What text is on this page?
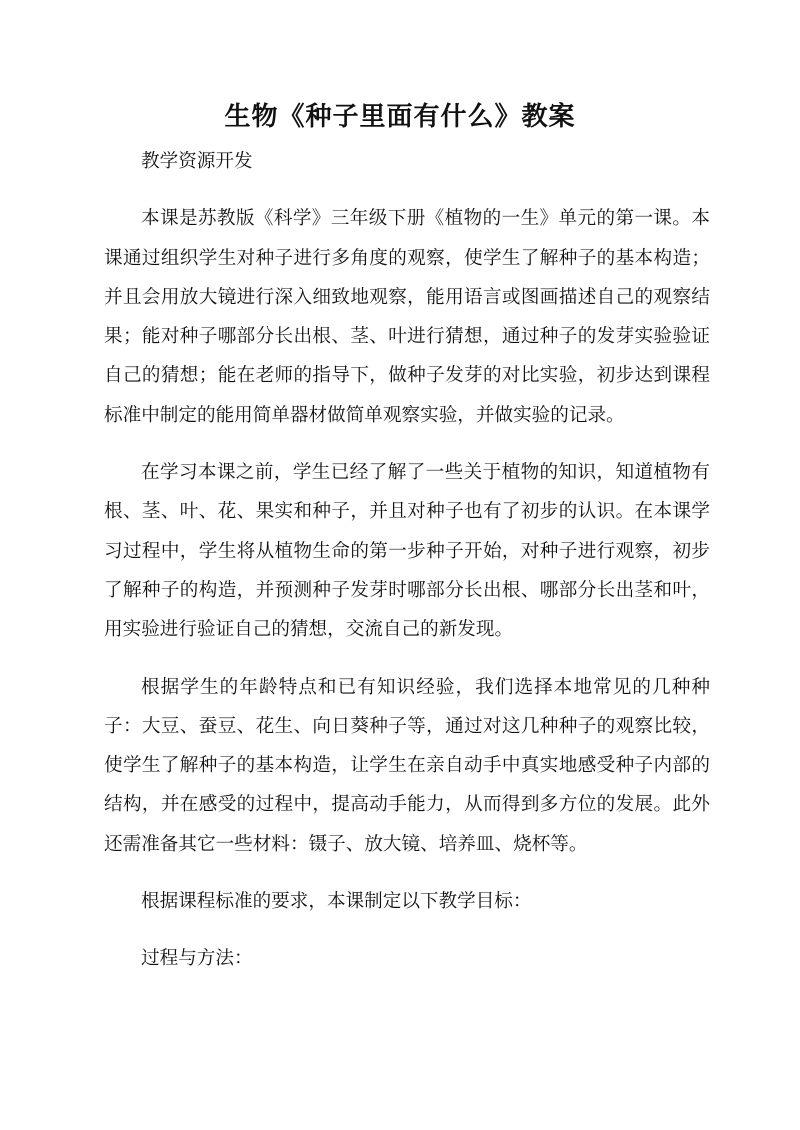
生物《种子里面有什么》教案

教学资源开发

本课是苏教版《科学》三年级下册《植物的一生》单元的第一课。本课通过组织学生对种子进行多角度的观察，使学生了解种子的基本构造；并且会用放大镜进行深入细致地观察，能用语言或图画描述自己的观察结果；能对种子哪部分长出根、茎、叶进行猜想，通过种子的发芽实验验证自己的猜想；能在老师的指导下，做种子发芽的对比实验，初步达到课程标准中制定的能用简单器材做简单观察实验，并做实验的记录。

在学习本课之前，学生已经了解了一些关于植物的知识，知道植物有根、茎、叶、花、果实和种子，并且对种子也有了初步的认识。在本课学习过程中，学生将从植物生命的第一步种子开始，对种子进行观察，初步了解种子的构造，并预测种子发芽时哪部分长出根、哪部分长出茎和叶，用实验进行验证自己的猜想，交流自己的新发现。

根据学生的年龄特点和已有知识经验，我们选择本地常见的几种种子：大豆、蚕豆、花生、向日葵种子等，通过对这几种种子的观察比较，使学生了解种子的基本构造，让学生在亲自动手中真实地感受种子内部的结构，并在感受的过程中，提高动手能力，从而得到多方位的发展。此外还需准备其它一些材料：镊子、放大镜、培养皿、烧杯等。

根据课程标准的要求，本课制定以下教学目标：

过程与方法：
